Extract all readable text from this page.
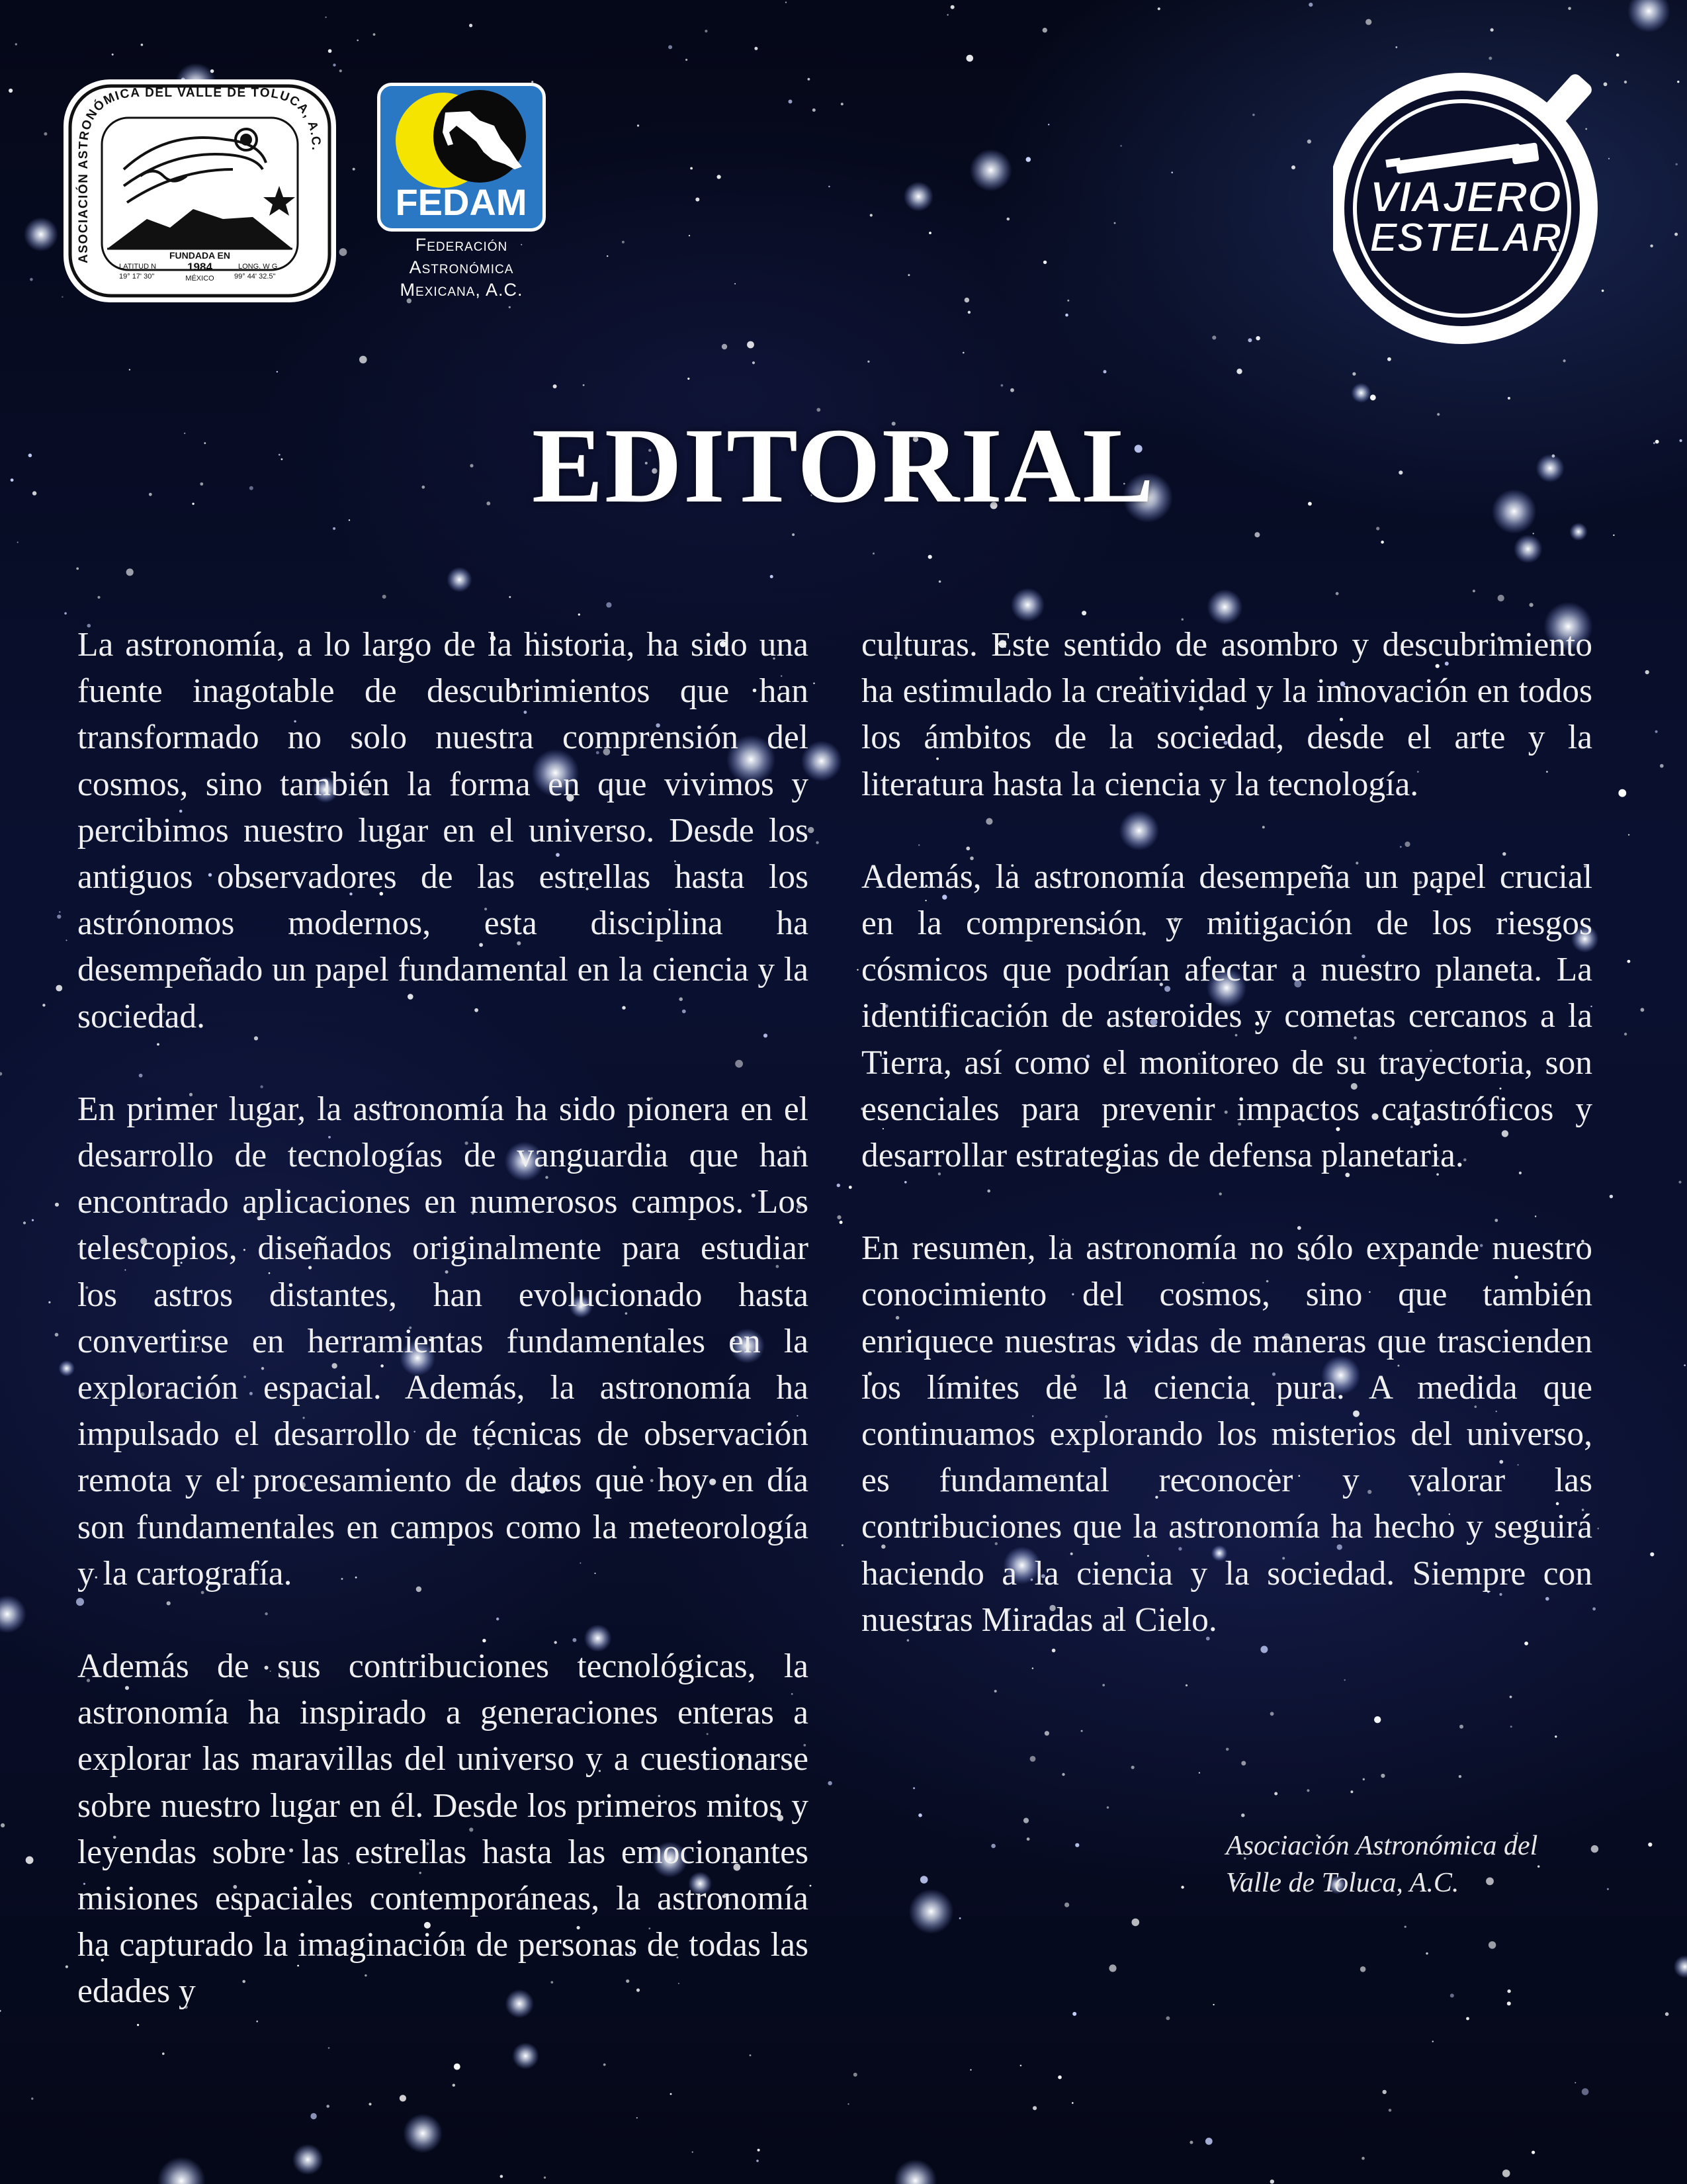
ASOCIACIÓN ASTRONÓMICA DEL VALLE DE TOLUCA, A.C.
FUNDADA EN
1984
MÉXICO
LATITUD N
19° 17' 30"
LONG. W G
99° 44' 32.5"
FEDAM
Federación
Astronómica
Mexicana, A.C.
VIAJERO
ESTELAR
EDITORIAL

La astronomía, a lo largo de la historia, ha sido una fuente inagotable de descubrimientos que han transformado no solo nuestra comprensión del cosmos, sino también la forma en que vivimos y percibimos nuestro lugar en el universo. Desde los antiguos observadores de las estrellas hasta los astrónomos modernos, esta disciplina ha desempeñado un papel fundamental en la ciencia y la sociedad.

En primer lugar, la astronomía ha sido pionera en el desarrollo de tecnologías de vanguardia que han encontrado aplicaciones en numerosos campos. Los telescopios, diseñados originalmente para estudiar los astros distantes, han evolucionado hasta convertirse en herramientas fundamentales en la exploración espacial. Además, la astronomía ha impulsado el desarrollo de técnicas de observación remota y el procesamiento de datos que hoy en día son fundamentales en campos como la meteorología y la cartografía.

Además de sus contribuciones tecnológicas, la astronomía ha inspirado a generaciones enteras a explorar las maravillas del universo y a cuestionarse sobre nuestro lugar en él. Desde los primeros mitos y leyendas sobre las estrellas hasta las emocionantes misiones espaciales contemporáneas, la astronomía ha capturado la imaginación de personas de todas las edades y

culturas. Este sentido de asombro y descubrimiento ha estimulado la creatividad y la innovación en todos los ámbitos de la sociedad, desde el arte y la literatura hasta la ciencia y la tecnología.

Además, la astronomía desempeña un papel crucial en la comprensión y mitigación de los riesgos cósmicos que podrían afectar a nuestro planeta. La identificación de asteroides y cometas cercanos a la Tierra, así como el monitoreo de su trayectoria, son esenciales para prevenir impactos catastróficos y desarrollar estrategias de defensa planetaria.

En resumen, la astronomía no sólo expande nuestro conocimiento del cosmos, sino que también enriquece nuestras vidas de maneras que trascienden los límites de la ciencia pura. A medida que continuamos explorando los misterios del universo, es fundamental reconocer y valorar las contribuciones que la astronomía ha hecho y seguirá haciendo a la ciencia y la sociedad. Siempre con nuestras Miradas al Cielo.

Asociación Astronómica del
Valle de Toluca, A.C.
